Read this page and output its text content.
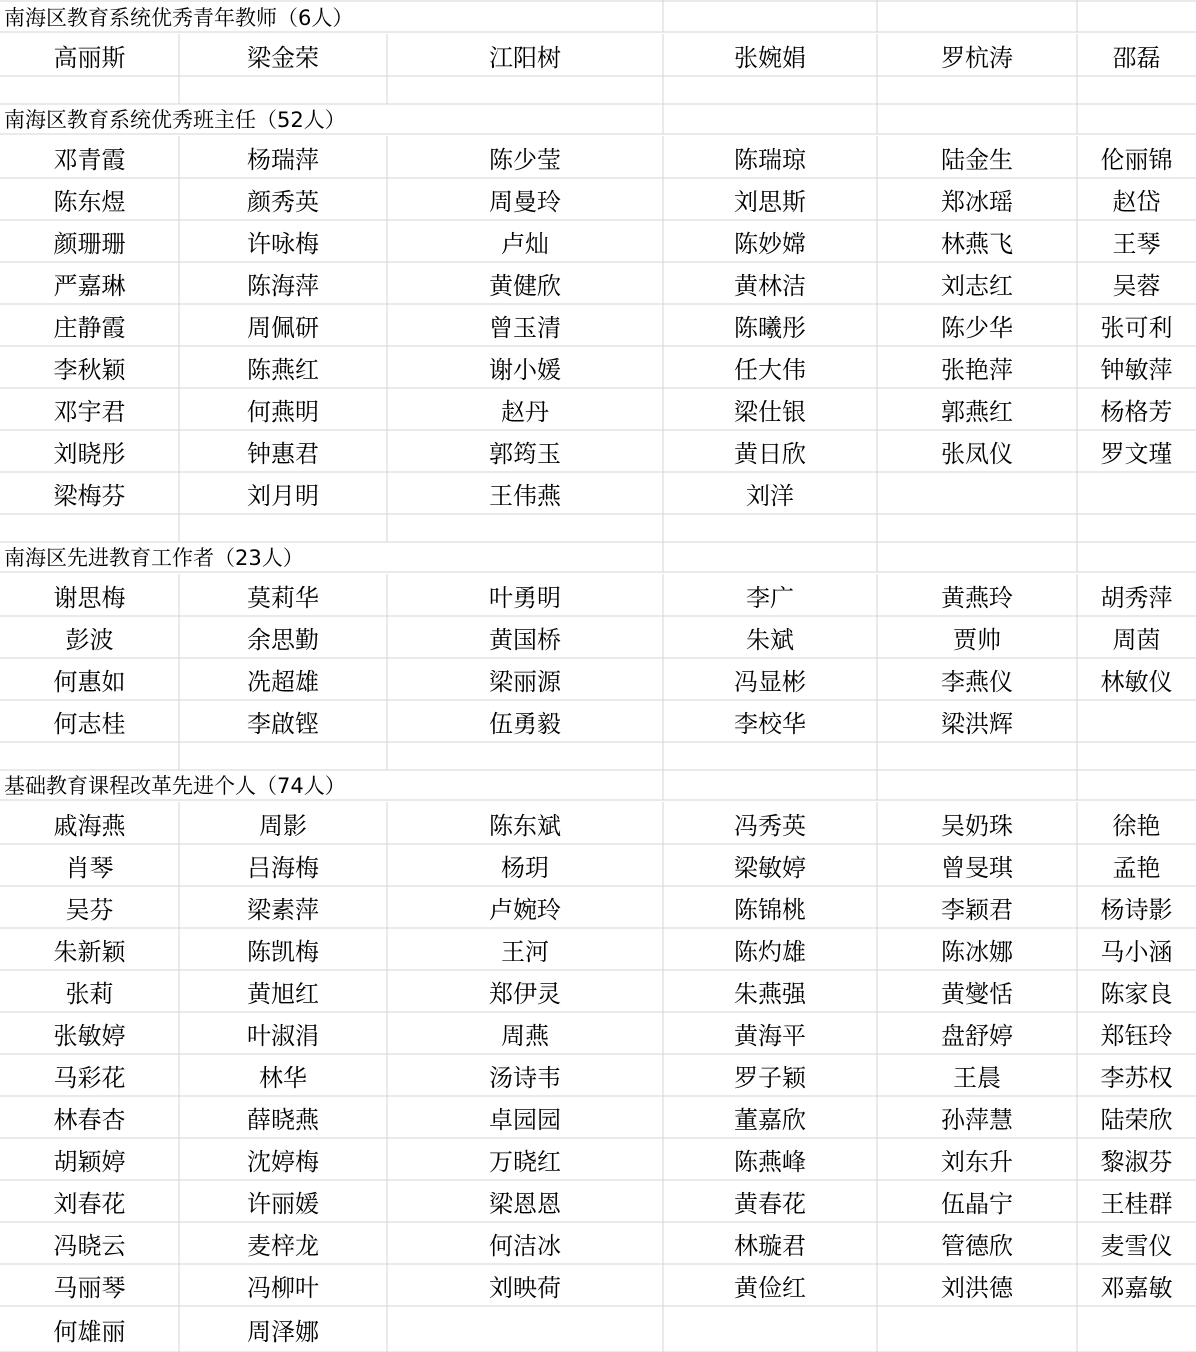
南海区教育系统优秀青年教师（6人）
高丽斯	梁金荣	江阳树	张婉娟	罗杭涛	邵磊
南海区教育系统优秀班主任（52人）
邓青霞	杨瑞萍	陈少莹	陈瑞琼	陆金生	伦丽锦
陈东煜	颜秀英	周曼玲	刘思斯	郑冰瑶	赵岱
颜珊珊	许咏梅	卢灿	陈妙嫦	林燕飞	王琴
严嘉琳	陈海萍	黄健欣	黄林洁	刘志红	吴蓉
庄静霞	周佩研	曾玉清	陈曦彤	陈少华	张可利
李秋颖	陈燕红	谢小媛	任大伟	张艳萍	钟敏萍
邓宇君	何燕明	赵丹	梁仕银	郭燕红	杨格芳
刘晓彤	钟惠君	郭筠玉	黄日欣	张凤仪	罗文瑾
梁梅芬	刘月明	王伟燕	刘洋
南海区先进教育工作者（23人）
谢思梅	莫莉华	叶勇明	李广	黄燕玲	胡秀萍
彭波	余思勤	黄国桥	朱斌	贾帅	周茵
何惠如	冼超雄	梁丽源	冯显彬	李燕仪	林敏仪
何志桂	李啟铿	伍勇毅	李校华	梁洪辉
基础教育课程改革先进个人（74人）
戚海燕	周影	陈东斌	冯秀英	吴奶珠	徐艳
肖琴	吕海梅	杨玥	梁敏婷	曾旻琪	孟艳
吴芬	梁素萍	卢婉玲	陈锦桃	李颖君	杨诗影
朱新颖	陈凯梅	王河	陈灼雄	陈冰娜	马小涵
张莉	黄旭红	郑伊灵	朱燕强	黄燮恬	陈家良
张敏婷	叶淑涓	周燕	黄海平	盘舒婷	郑钰玲
马彩花	林华	汤诗韦	罗子颖	王晨	李苏权
林春杏	薛晓燕	卓园园	董嘉欣	孙萍慧	陆荣欣
胡颖婷	沈婷梅	万晓红	陈燕峰	刘东升	黎淑芬
刘春花	许丽媛	梁恩恩	黄春花	伍晶宁	王桂群
冯晓云	麦梓龙	何洁冰	林璇君	管德欣	麦雪仪
马丽琴	冯柳叶	刘映荷	黄俭红	刘洪德	邓嘉敏
何雄丽	周泽娜
